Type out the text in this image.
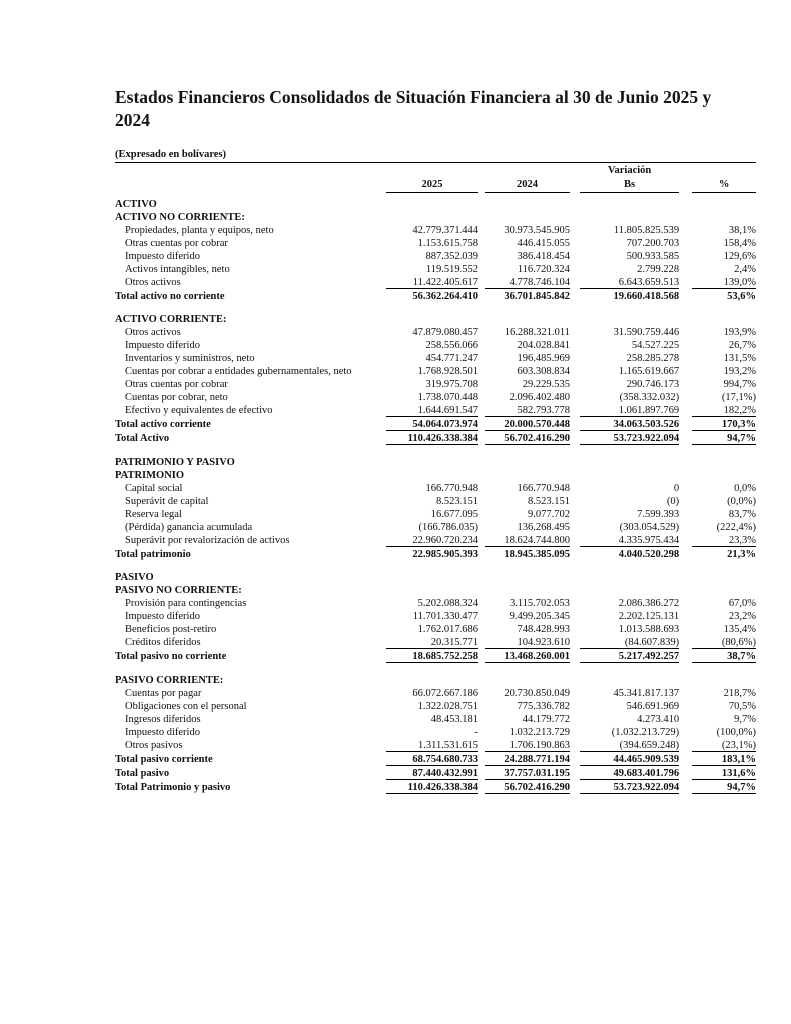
Estados Financieros Consolidados de Situación Financiera al 30 de Junio 2025 y 2024
(Expresado en bolívares)
					Variación		
	2025		2024		Bs		%

ACTIVO							
ACTIVO NO CORRIENTE:							
Propiedades, planta y equipos, neto	42.779.371.444		30.973.545.905		11.805.825.539		38,1%
Otras cuentas por cobrar	1.153.615.758		446.415.055		707.200.703		158,4%
Impuesto diferido	887.352.039		386.418.454		500.933.585		129,6%
Activos intangibles, neto	119.519.552		116.720.324		2.799.228		2,4%
Otros activos	11.422.405.617		4.778.746.104		6.643.659.513		139,0%
Total activo no corriente	56.362.264.410		36.701.845.842		19.660.418.568		53,6%

ACTIVO CORRIENTE:							
Otros activos	47.879.080.457		16.288.321.011		31.590.759.446		193,9%
Impuesto diferido	258.556.066		204.028.841		54.527.225		26,7%
Inventarios y suministros, neto	454.771.247		196.485.969		258.285.278		131,5%
Cuentas por cobrar a entidades gubernamentales, neto	1.768.928.501		603.308.834		1.165.619.667		193,2%
Otras cuentas por cobrar	319.975.708		29.229.535		290.746.173		994,7%
Cuentas por cobrar, neto	1.738.070.448		2.096.402.480		(358.332.032)		(17,1%)
Efectivo y equivalentes de efectivo	1.644.691.547		582.793.778		1.061.897.769		182,2%
Total activo corriente	54.064.073.974		20.000.570.448		34.063.503.526		170,3%
Total Activo	110.426.338.384		56.702.416.290		53.723.922.094		94,7%

PATRIMONIO Y PASIVO							
PATRIMONIO							
Capital social	166.770.948		166.770.948		0		0,0%
Superávit de capital	8.523.151		8.523.151		(0)		(0,0%)
Reserva legal	16.677.095		9.077.702		7.599.393		83,7%
(Pérdida) ganancia acumulada	(166.786.035)		136.268.495		(303.054.529)		(222,4%)
Superávit por revalorización de activos	22.960.720.234		18.624.744.800		4.335.975.434		23,3%
Total patrimonio	22.985.905.393		18.945.385.095		4.040.520.298		21,3%

PASIVO							
PASIVO NO CORRIENTE:							
Provisión para contingencias	5.202.088.324		3.115.702.053		2.086.386.272		67,0%
Impuesto diferido	11.701.330.477		9.499.205.345		2.202.125.131		23,2%
Beneficios post-retiro	1.762.017.686		748.428.993		1.013.588.693		135,4%
Créditos diferidos	20.315.771		104.923.610		(84.607.839)		(80,6%)
Total pasivo no corriente	18.685.752.258		13.468.260.001		5.217.492.257		38,7%

PASIVO CORRIENTE:							
Cuentas por pagar	66.072.667.186		20.730.850.049		45.341.817.137		218,7%
Obligaciones con el personal	1.322.028.751		775.336.782		546.691.969		70,5%
Ingresos diferidos	48.453.181		44.179.772		4.273.410		9,7%
Impuesto diferido	-		1.032.213.729		(1.032.213.729)		(100,0%)
Otros pasivos	1.311.531.615		1.706.190.863		(394.659.248)		(23,1%)
Total pasivo corriente	68.754.680.733		24.288.771.194		44.465.909.539		183,1%
Total pasivo	87.440.432.991		37.757.031.195		49.683.401.796		131,6%
Total Patrimonio y pasivo	110.426.338.384		56.702.416.290		53.723.922.094		94,7%
